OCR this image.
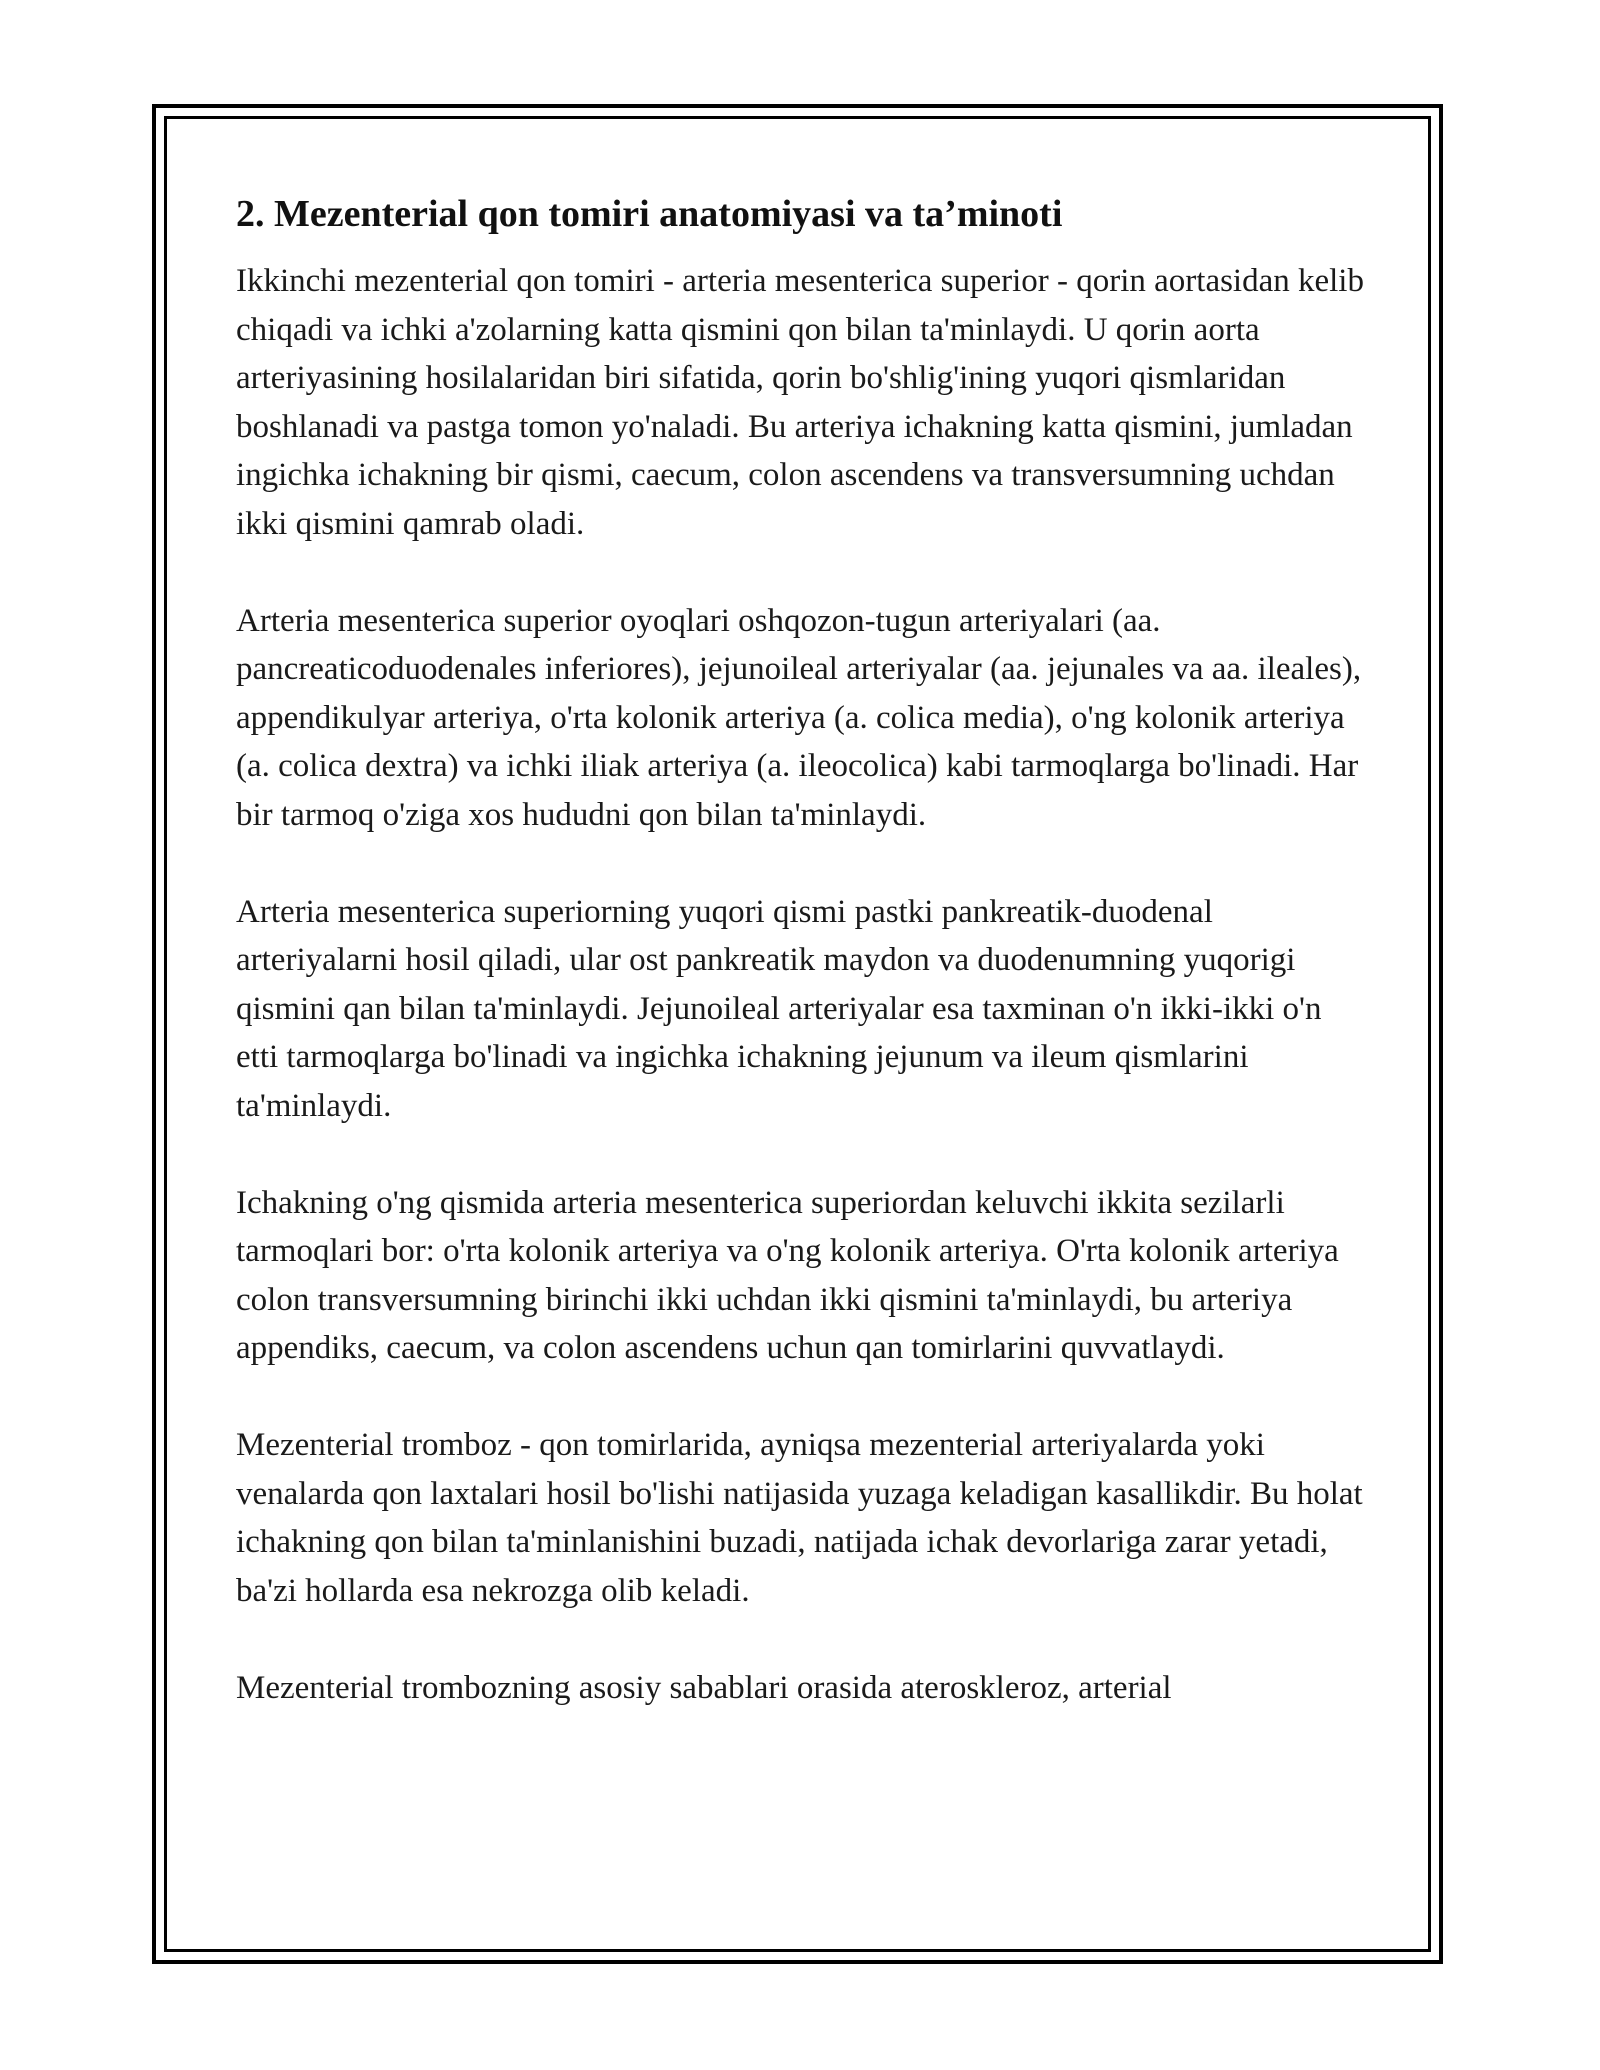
2. Mezenterial qon tomiri anatomiyasi va ta’minoti

Ikkinchi mezenterial qon tomiri - arteria mesenterica superior - qorin aortasidan kelib chiqadi va ichki a'zolarning katta qismini qon bilan ta'minlaydi. U qorin aorta arteriyasining hosilalaridan biri sifatida, qorin bo'shlig'ining yuqori qismlaridan boshlanadi va pastga tomon yo'naladi. Bu arteriya ichakning katta qismini, jumladan ingichka ichakning bir qismi, caecum, colon ascendens va transversumning uchdan ikki qismini qamrab oladi.

Arteria mesenterica superior oyoqlari oshqozon-tugun arteriyalari (aa. pancreaticoduodenales inferiores), jejunoileal arteriyalar (aa. jejunales va aa. ileales), appendikulyar arteriya, o'rta kolonik arteriya (a. colica media), o'ng kolonik arteriya (a. colica dextra) va ichki iliak arteriya (a. ileocolica) kabi tarmoqlarga bo'linadi. Har bir tarmoq o'ziga xos hududni qon bilan ta'minlaydi.

Arteria mesenterica superiorning yuqori qismi pastki pankreatik-duodenal arteriyalarni hosil qiladi, ular ost pankreatik maydon va duodenumning yuqorigi qismini qan bilan ta'minlaydi. Jejunoileal arteriyalar esa taxminan o'n ikki-ikki o'n etti tarmoqlarga bo'linadi va ingichka ichakning jejunum va ileum qismlarini ta'minlaydi.

Ichakning o'ng qismida arteria mesenterica superiordan keluvchi ikkita sezilarli tarmoqlari bor: o'rta kolonik arteriya va o'ng kolonik arteriya. O'rta kolonik arteriya colon transversumning birinchi ikki uchdan ikki qismini ta'minlaydi, bu arteriya appendiks, caecum, va colon ascendens uchun qan tomirlarini quvvatlaydi.

Mezenterial tromboz - qon tomirlarida, ayniqsa mezenterial arteriyalarda yoki venalarda qon laxtalari hosil bo'lishi natijasida yuzaga keladigan kasallikdir. Bu holat ichakning qon bilan ta'minlanishini buzadi, natijada ichak devorlariga zarar yetadi, ba'zi hollarda esa nekrozga olib keladi.

Mezenterial trombozning asosiy sabablari orasida ateroskleroz, arterial
